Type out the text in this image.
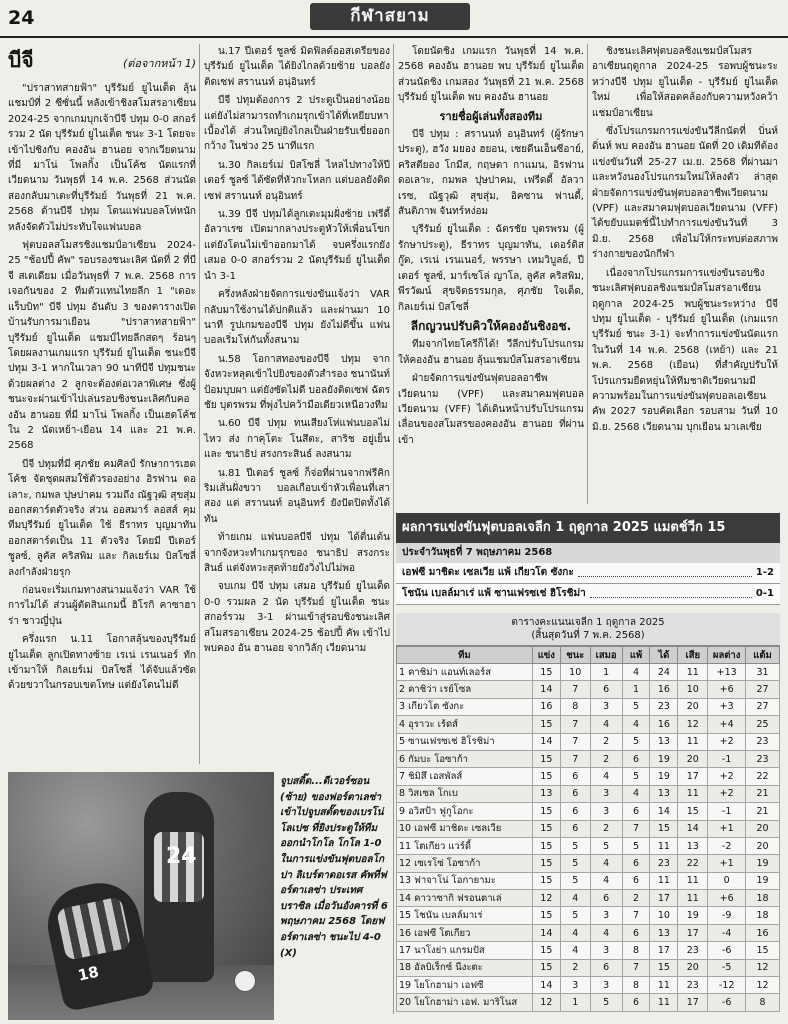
24	กีฬาสยาม
บีจี	(ต่อจากหน้า 1)

"ปราสาทสายฟ้า" บุรีรัมย์ ยูไนเต็ด ลุ้นแชมป์ที่ 2 ซีซั่นนี้ หลังเข้าชิงสโมสรอาเซียน 2024-25 จากเกมบุกเจ้าบีจี ปทุม 0-0 สกอร์รวม 2 นัด บุรีรัมย์ ยูไนเต็ด ชนะ 3-1 โดยจะเข้าไปชิงกับ คองอัน ฮานอย จากเวียดนาม ที่มี มาโน่ โพลกิ้ง เป็นโค้ช นัดแรกที่เวียดนาม วันพุธที่ 14 พ.ค. 2568 ส่วนนัดสองกลับมาเตะที่บุรีรัมย์ วันพุธที่ 21 พ.ค. 2568 ด้านบีจี ปทุม โดนแฟนบอลโห่หนัก หลังจัดตัวไม่ประทับใจแฟนบอล

ฟุตบอลสโมสรชิงแชมป์อาเซียน 2024-25 "ช้อปปี้ คัพ" รอบรองชนะเลิศ นัดที่ 2 ที่บีจี สเตเดียม เมื่อวันพุธที่ 7 พ.ค. 2568 การเจอกันของ 2 ทีมตัวแทนไทยลีก 1 "เดอะแร็บบิท" บีจี ปทุม อันดับ 3 ของตารางเปิดบ้านรับการมาเยือน "ปราสาทสายฟ้า" บุรีรัมย์ ยูไนเต็ด แชมป์ไทยลีกสดๆ ร้อนๆ โดยผลงานเกมแรก บุรีรัมย์ ยูไนเต็ด ชนะบีจี ปทุม 3-1 หากในเวลา 90 นาทีบีจี ปทุมชนะด้วยผลต่าง 2 ลูกจะต้องต่อเวลาพิเศษ ซึ่งผู้ชนะจะผ่านเข้าไปเล่นรอบชิงชนะเลิศกับคองอัน ฮานอย ที่มี มาโน่ โพลกิ้ง เป็นเฮดโค้ช ใน 2 นัดเหย้า-เยือน 14 และ 21 พ.ค. 2568

บีจี ปทุมที่มี ศุภชัย คมศิลป์ รักษาการเฮดโค้ช จัดชุดผสมใช้ตัวรองอย่าง อิรฟาน ดอเลาะ, กมพล ปุษปาคม รวมถึง ณัฐวุฒิ สุขสุ่ม ออกสตาร์ตตัวจริง ส่วน ออสมาร์ ลอสส์ คุมทีมบุรีรัมย์ ยูไนเต็ด ใช้ ธีราทร บุญมาทัน ออกสตาร์ตเป็น 11 ตัวจริง โดยมี ปีเตอร์ ชูลซ์, ลูคัส คริสพิม และ กิลเยร์เม บิสโซลี่ ลงกำลังฝ่ายรุก

ก่อนจะเริ่มเกมทางสนามแจ้งว่า VAR ใช้การไม่ได้ ส่วนผู้ตัดสินเกมนี้ ฮิโรกิ คาซาฮาร่า ชาวญี่ปุ่น

ครึ่งแรก น.11 โอกาสลุ้นของบุรีรัมย์ ยูไนเต็ด ลูกเปิดทางซ้าย เรเน่ เรนเนอร์ ทักเข้ามาให้ กิลเยร์เม่ บิสโซลี่ ได้จับแล้วซัดด้วยขวาในกรอบเขตโทษ แต่ยังโดนไม่ดี

น.17 ปีเตอร์ ชูลซ์ มิดฟิลด์ออสเตรียของบุรีรัมย์ ยูไนเต็ด ได้ยิงไกลด้วยซ้าย บอลยังติดเซฟ สรานนท์ อนุอินทร์

บีจี ปทุมต้องการ 2 ประตูเป็นอย่างน้อย แต่ยังไม่สามารถทำเกมรุกเข้าได้ที่เหยียบหาเบื้องได้ ส่วนใหญ่ยิงไกลเป็นฝ่ายรับเขี่ยออกกว้าง ในช่วง 25 นาทีแรก

น.30 กิลเยร์เม่ บิสโซลี่ ไหลไปทางให้ปีเตอร์ ชูลซ์ ได้ซัดที่หัวกะโหลก แต่บอลยังติดเซฟ สรานนท์ อนุอินทร์

น.39 บีจี ปทุมได้ลูกเตะมุมฝั่งซ้าย เฟรีดี้ อัลวาเรซ เปิดมากลางประตูหัวให้เพื่อนโขก แต่ยังโดนไม่เข้าออกมาได้ จบครึ่งแรกยังเสมอ 0-0 สกอร์รวม 2 นัดบุรีรัมย์ ยูไนเต็ด นำ 3-1

ครึ่งหลังฝ่ายจัดการแข่งขันแจ้งว่า VAR กลับมาใช้งานได้ปกติแล้ว และผ่านมา 10 นาที รูปเกมของบีจี ปทุม ยังไม่ดีขึ้น แฟนบอลเริ่มโห่กันทั้งสนาม

น.58 โอกาสทองของบีจี ปทุม จากจังหวะหลุดเข้าไปยิงของตัวสำรอง ชนานันท์ ป้อมบุบผา แต่ยังซัดไม่ดี บอลยังติดเซฟ ฉัตรชัย บุตรพรม ที่พุ่งไปคว้ามือเดียวเหนือวงทีม

น.60 บีจี ปทุม ทนเสียงโห่แฟนบอลไม่ไหว ส่ง กาคุโตะ โนสึตะ, สาริช อยู่เย็น และ ชนาธิป สรงกระสินธ์ ลงสนาม

น.81 ปีเตอร์ ชูลซ์ ก็จ่อที่ผ่านจากฟรีคิกริมเส้นฝั่งขวา บอลเกือบเข้าหัวเพื่อนที่เสาสอง แต่ สรานนท์ อนุอินทร์ ยังปัดปิดทั้งได้ทัน

ท้ายเกม แฟนบอลบีจี ปทุม ได้ตื่นเต้นจากจังหวะทำเกมรุกของ ชนาธิป สรงกระสินธ์ แต่จังหวะสุดท้ายยังวิ่งไปไม่พอ

จบเกม บีจี ปทุม เสมอ บุรีรัมย์ ยูไนเต็ด 0-0 รวมผล 2 นัด บุรีรัมย์ ยูไนเต็ด ชนะสกอร์รวม 3-1 ผ่านเข้าสู่รอบชิงชนะเลิศสโมสรอาเซียน 2024-25 ช้อปปี้ คัพ เข้าไปพบคอง อัน ฮานอย จากวิลักุ เวียดนาม

โดยนัดชิง เกมแรก วันพุธที่ 14 พ.ค. 2568 คองอัน ฮานอย พบ บุรีรัมย์ ยูไนเต็ด ส่วนนัดชิง เกมสอง วันพุธที่ 21 พ.ค. 2568 บุรีรัมย์ ยูไนเต็ด พบ คองอัน ฮานอย

รายชื่อผู้เล่นทั้งสองทีม

บีจี ปทุม : สรานนท์ อนุอินทร์ (ผู้รักษาประตู), ฮวัง มยอง ฮยอน, เซยดีนเอ็นซีอาย์, คริสตียอง โกมีส, กฤษดา กาแมน, อิรฟาน ดอเลาะ, กมพล ปุษปาคม, เฟรีดดี้ อัลวาเรซ, ณัฐวุฒิ สุขสุ่ม, อิคซาน ฟานดี้, สันติภาพ จันทร์หง่อม

บุรีรัมย์ ยูไนเต็ด : ฉัตรชัย บุตรพรม (ผู้รักษาประตู), ธีราทร บุญมาทัน, เดอร์ดิส กู๊ด, เรเน่ เรนเนอร์, พรรษา เหมวิบูลย์, ปีเตอร์ ชูลซ์, มาร์เซโล่ ญาโล, ลูคัส คริสพิม, พีรวัฒน์ สุขจิตธรรมกุล, ศุภชัย ใจเด็ด, กิลเยร์เม่ บิสโซลี่

ลีกญวนปรับคิวให้คองอันชิงอช.

ทีมจากไทยโครีก็ได้! วีลีกปรับโปรแกรมให้คองอัน ฮานอย ลุ้นแชมป์สโมสรอาเซียน

ฝ่ายจัดการแข่งขันฟุตบอลอาชีพเวียดนาม (VPF) และสมาคมฟุตบอลเวียดนาม (VFF) ได้เดินหน้าปรับโปรแกรมเลื่อนของสโมสรของคองอัน ฮานอย ที่ผ่านเข้า

ชิงชนะเลิศฟุตบอลชิงแชมป์สโมสรอาเซียนฤดูกาล 2024-25 รอพบผู้ชนะระหว่างบีจี ปทุม ยูไนเต็ด - บุรีรัมย์ ยูไนเต็ด ใหม่ เพื่อให้สอดคล้องกับความหวังคว้าแชมป์อาเซียน

ซึ่งโปรแกรมการแข่งขันวีลีกนัดที่ บิ่นห์ ดิ่นห์ พบ คองอัน ฮานอย นัดที่ 20 เดิมทีต้องแข่งขันวันที่ 25-27 เม.ย. 2568 ที่ผ่านมา และหวังนองโปรแกรมใหม่ให้ลงตัว ล่าสุดฝ่ายจัดการแข่งขันฟุตบอลอาชีพเวียดนาม (VPF) และสมาคมฟุตบอลเวียดนาม (VFF) ได้ขยับแมตช์นี้ไปทำการแข่งขันวันที่ 3 มิ.ย. 2568 เพื่อไม่ให้กระทบต่อสภาพร่างกายของนักกีฬา

เนื่องจากโปรแกรมการแข่งขันรอบชิงชนะเลิศฟุตบอลชิงแชมป์สโมสรอาเซียนฤดูกาล 2024-25 พบผู้ชนะระหว่าง บีจี ปทุม ยูไนเต็ด - บุรีรัมย์ ยูไนเต็ด (เกมแรก บุรีรัมย์ ชนะ 3-1) จะทำการแข่งขันนัดแรกในวันที่ 14 พ.ค. 2568 (เหย้า) และ 21 พ.ค. 2568 (เยือน) ที่สำคัญปรับให้โปรแกรมยืดหยุ่นให้ทีมชาติเวียดนามมีความพร้อมในการแข่งขันฟุตบอลเอเชียน คัพ 2027 รอบคัดเลือก รอบสาม วันที่ 10 มิ.ย. 2568 เวียดนาม บุกเยือน มาเลเซีย

24
18
จูบสติ๊ด...ดีเวอร์ซอน (ซ้าย) ของฟอร์ตาเลซ่า เข้าไปจูบสตั๊ดของเบรโน่ โลเปซ ที่ยิงประตูให้ทีมออกนำโกโล โกโล 1-0 ในการแข่งขันฟุตบอลโกปา ลิเบร์ตาดอเรส คัพที่ฟอร์ตาเลซ่า ประเทศบราซิล เมื่อวันอังคารที่ 6 พฤษภาคม 2568 โดยฟอร์ตาเลซ่า ชนะไป 4-0 (X)
ผลการแข่งขันฟุตบอลเจลีก 1 ฤดูกาล 2025 แมตช์วีก 15
ประจำวันพุธที่ 7 พฤษภาคม 2568
เอฟซี มาชิดะ เซลเวีย แพ้ เกียวโต ซังกะ	1-2
โชนัน เบลล์มาเร่ แพ้ ซานเฟรซเช่ ฮิโรชิม่า	0-1
ตารางคะแนนเจลีก 1 ฤดูกาล 2025
(สิ้นสุดวันที่ 7 พ.ค. 2568)
ทีม	แข่ง	ชนะ	เสมอ	แพ้	ได้	เสีย	ผลต่าง	แต้ม
1 คาชิม่า แอนท์เลอร์ส	15	10	1	4	24	11	+13	31
2 คาชิว่า เรย์โซล	14	7	6	1	16	10	+6	27
3 เกียวโต ซังกะ	16	8	3	5	23	20	+3	27
4 อุราวะ เร้ดส์	15	7	4	4	16	12	+4	25
5 ซานเฟรซเช่ ฮิโรชิม่า	14	7	2	5	13	11	+2	23
6 กัมบะ โอซาก้า	15	7	2	6	19	20	-1	23
7 ชิมิสึ เอสพัลส์	15	6	4	5	19	17	+2	22
8 วิสเซล โกเบ	13	6	3	4	13	11	+2	21
9 อวิสป้า ฟูกูโอกะ	15	6	3	6	14	15	-1	21
10 เอฟซี มาชิดะ เซลเวีย	15	6	2	7	15	14	+1	20
11 โตเกียว แวร์ดี้	15	5	5	5	11	13	-2	20
12 เซเรโซ่ โอซาก้า	15	5	4	6	23	22	+1	19
13 ฟาจาโน่ โอกายามะ	15	5	4	6	11	11	0	19
14 คาวาซากิ ฟรอนตาเล่	12	4	6	2	17	11	+6	18
15 โชนัน เบลล์มาเร่	15	5	3	7	10	19	-9	18
16 เอฟซี โตเกียว	14	4	4	6	13	17	-4	16
17 นาโงย่า แกรมปัส	15	4	3	8	17	23	-6	15
18 อัลบิเร็กซ์ นีงะตะ	15	2	6	7	15	20	-5	12
19 โยโกฮาม่า เอฟซี	14	3	3	8	11	23	-12	12
20 โยโกฮาม่า เอฟ. มาริโนส	12	1	5	6	11	17	-6	8
